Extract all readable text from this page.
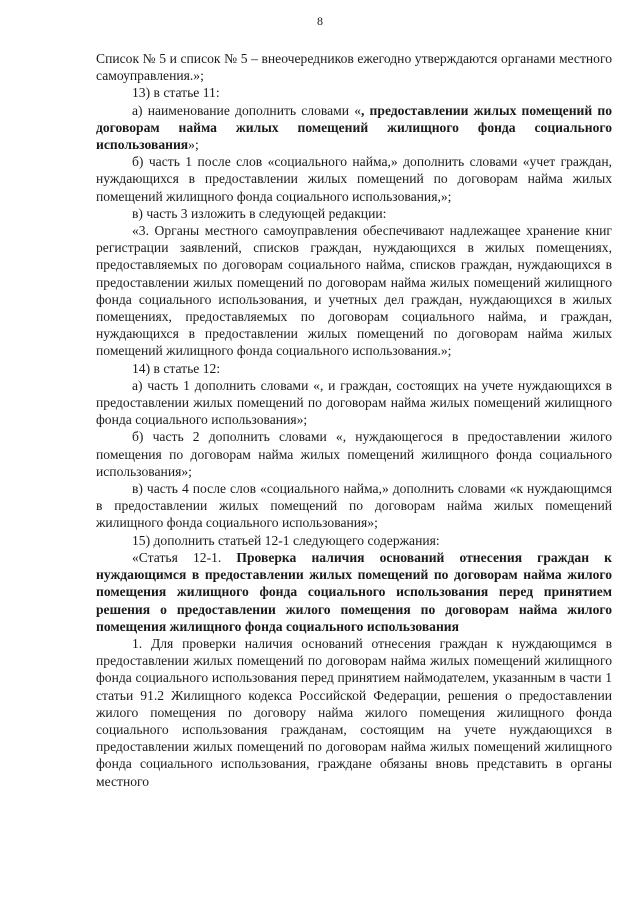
8

Список № 5 и список № 5 – внеочередников ежегодно утверждаются органами местного самоуправления.»;

13) в статье 11:

а) наименование дополнить словами «, предоставлении жилых помещений по договорам найма жилых помещений жилищного фонда социального использования»;

б) часть 1 после слов «социального найма,» дополнить словами «учет граждан, нуждающихся в предоставлении жилых помещений по договорам найма жилых помещений жилищного фонда социального использования,»;

в) часть 3 изложить в следующей редакции:

«3. Органы местного самоуправления обеспечивают надлежащее хранение книг регистрации заявлений, списков граждан, нуждающихся в жилых помещениях, предоставляемых по договорам социального найма, списков граждан, нуждающихся в предоставлении жилых помещений по договорам найма жилых помещений жилищного фонда социального использования, и учетных дел граждан, нуждающихся в жилых помещениях, предоставляемых по договорам социального найма, и граждан, нуждающихся в предоставлении жилых помещений по договорам найма жилых помещений жилищного фонда социального использования.»;

14) в статье 12:

а) часть 1 дополнить словами «, и граждан, состоящих на учете нуждающихся в предоставлении жилых помещений по договорам найма жилых помещений жилищного фонда социального использования»;

б) часть 2 дополнить словами «, нуждающегося в предоставлении жилого помещения по договорам найма жилых помещений жилищного фонда социального использования»;

в) часть 4 после слов «социального найма,» дополнить словами «к нуждающимся в предоставлении жилых помещений по договорам найма жилых помещений жилищного фонда социального использования»;

15) дополнить статьей 12-1 следующего содержания:

«Статья 12-1. Проверка наличия оснований отнесения граждан к нуждающимся в предоставлении жилых помещений по договорам найма жилого помещения жилищного фонда социального использования перед принятием решения о предоставлении жилого помещения по договорам найма жилого помещения жилищного фонда социального использования

1. Для проверки наличия оснований отнесения граждан к нуждающимся в предоставлении жилых помещений по договорам найма жилых помещений жилищного фонда социального использования перед принятием наймодателем, указанным в части 1 статьи 91.2 Жилищного кодекса Российской Федерации, решения о предоставлении жилого помещения по договору найма жилого помещения жилищного фонда социального использования гражданам, состоящим на учете нуждающихся в предоставлении жилых помещений по договорам найма жилых помещений жилищного фонда социального использования, граждане обязаны вновь представить в органы местного
